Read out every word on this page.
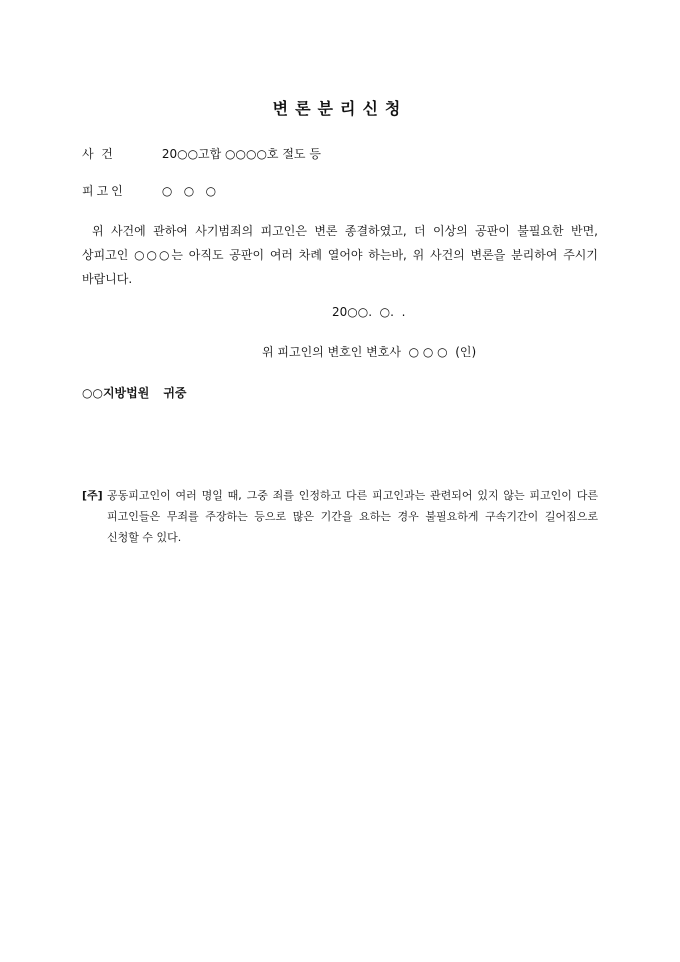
변론분리신청
사  건	20○○고합 ○○○○호 절도 등
피고인	○   ○   ○
위 사건에 관하여 사기범죄의 피고인은 변론 종결하였고, 더 이상의 공판이 불필요한 반면, 상피고인 ○○○는 아직도 공판이 여러 차례 열어야 하는바, 위 사건의 변론을 분리하여 주시기 바랍니다.
20○○.  ○.  .
위 피고인의 변호인 변호사  ○ ○ ○  (인)
○○지방법원 귀중
[주] 공동피고인이 여러 명일 때, 그중 죄를 인정하고 다른 피고인과는 관련되어 있지 않는 피고인이 다른 피고인들은 무죄를 주장하는 등으로 많은 기간을 요하는 경우 불필요하게 구속기간이 길어짐으로 신청할 수 있다.
